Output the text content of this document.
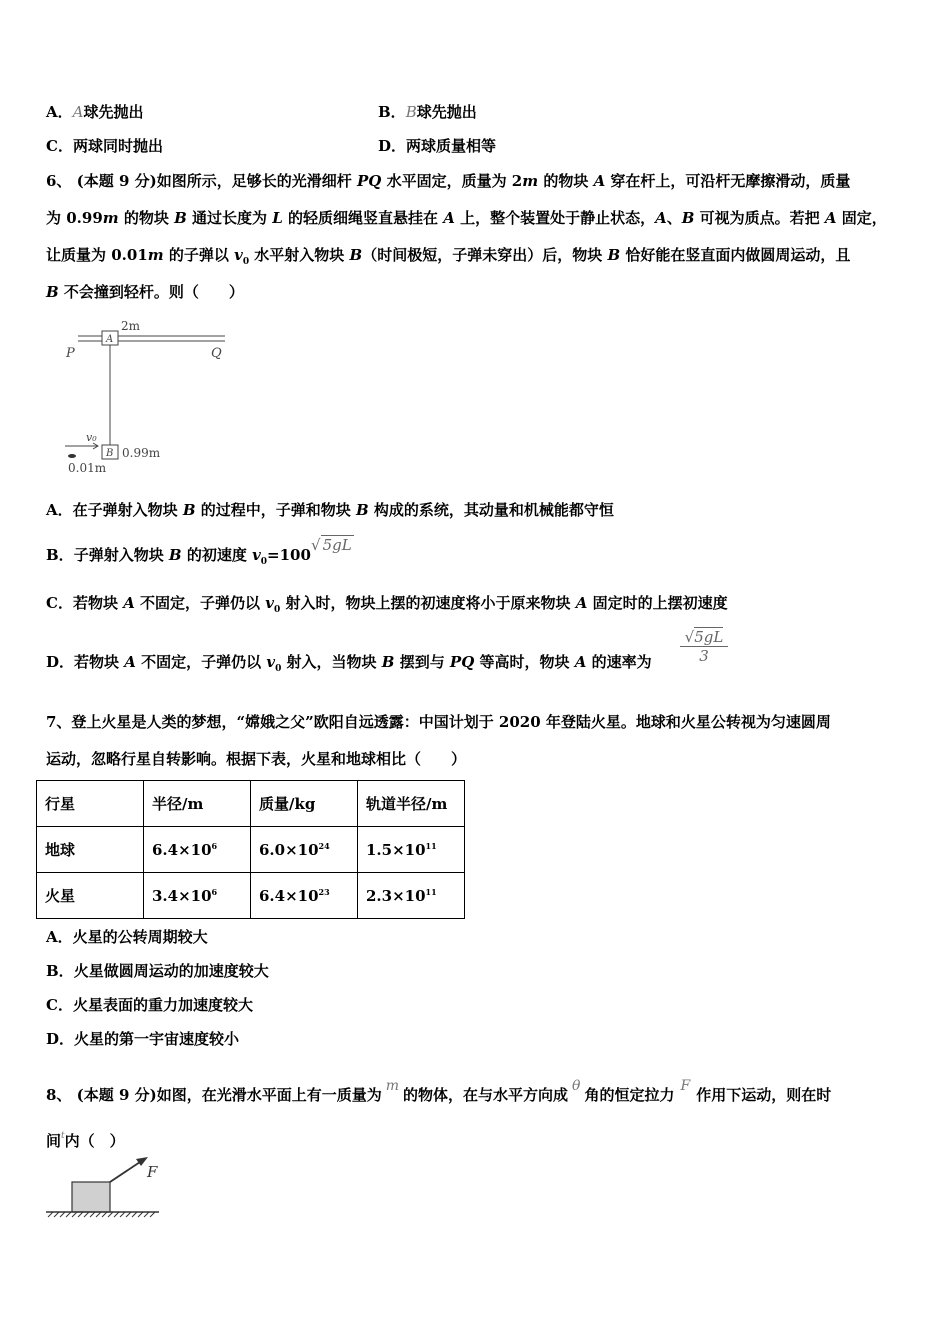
A．A球先抛出	B．B球先抛出
C．两球同时抛出	D．两球质量相等
6、 (本题 9 分)如图所示，足够长的光滑细杆 PQ 水平固定，质量为 2m 的物块 A 穿在杆上，可沿杆无摩擦滑动，质量
为 0.99m 的物块 B 通过长度为 L 的轻质细绳竖直悬挂在 A 上，整个装置处于静止状态，A、B 可视为质点。若把 A 固定，
让质量为 0.01m 的子弹以 $v_0$ 水平射入物块 B（时间极短，子弹未穿出）后，物块 B 恰好能在竖直面内做圆周运动，且
B 不会撞到轻杆。则（　　）
2m
A
P	Q
v₀
B 0.99m
0.01m
A．在子弹射入物块 B 的过程中，子弹和物块 B 构成的系统，其动量和机械能都守恒
B．子弹射入物块 B 的初速度 $v_0=100$
√ 5gL
C．若物块 A 不固定，子弹仍以 $v_0$ 射入时，物块上摆的初速度将小于原来物块 A 固定时的上摆初速度
D．若物块 A 不固定，子弹仍以 $v_0$ 射入，当物块 B 摆到与 PQ 等高时，物块 A 的速率为
√5gL
3
7、登上火星是人类的梦想，“嫦娥之父”欧阳自远透露：中国计划于 2020 年登陆火星。地球和火星公转视为匀速圆周
运动，忽略行星自转影响。根据下表，火星和地球相比（　　）
行星	半径/m	质量/kg	轨道半径/m
地球	$6.4\times 10^6$	$6.0\times 10^{24}$	$1.5\times 10^{11}$
火星	$3.4\times 10^6$	$6.4\times 10^{23}$	$2.3\times 10^{11}$
A．火星的公转周期较大
B．火星做圆周运动的加速度较大
C．火星表面的重力加速度较大
D．火星的第一宇宙速度较小
8、 (本题 9 分)如图，在光滑水平面上有一质量为 m 的物体，在与水平方向成 θ 角的恒定拉力 F 作用下运动，则在时
间$^t$内（　）
F
